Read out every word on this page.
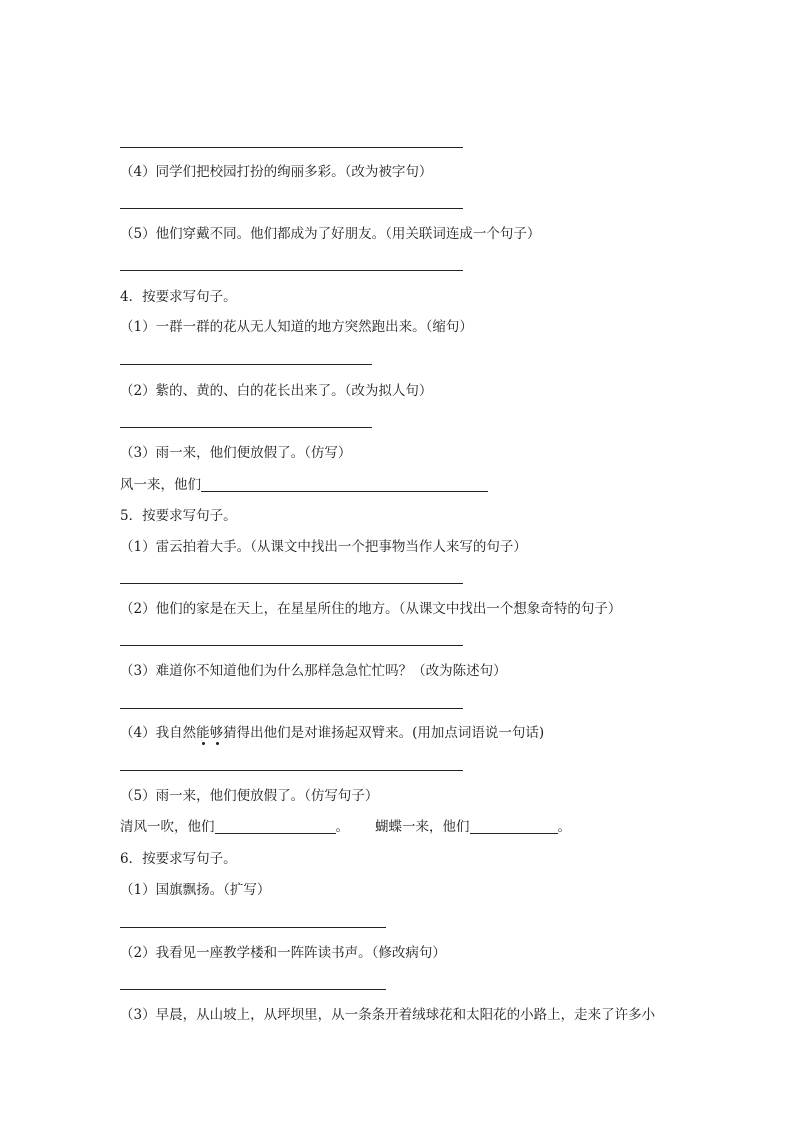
（4）同学们把校园打扮的绚丽多彩。（改为被字句）
（5）他们穿戴不同。他们都成为了好朋友。（用关联词连成一个句子）
4．按要求写句子。
（1）一群一群的花从无人知道的地方突然跑出来。（缩句）
（2）紫的、黄的、白的花长出来了。（改为拟人句）
（3）雨一来，他们便放假了。（仿写）
风一来，他们
5．按要求写句子。
（1）雷云拍着大手。（从课文中找出一个把事物当作人来写的句子）
（2）他们的家是在天上，在星星所住的地方。（从课文中找出一个想象奇特的句子）
（3）难道你不知道他们为什么那样急急忙忙吗？（改为陈述句）
（4）我自然能够猜得出他们是对谁扬起双臂来。(用加点词语说一句话)
（5）雨一来，他们便放假了。（仿写句子）
清风一吹，他们	。 蝴蝶一来，他们	。
6．按要求写句子。
（1）国旗飘扬。（扩写）
（2）我看见一座教学楼和一阵阵读书声。（修改病句）
（3）早晨，从山坡上，从坪坝里，从一条条开着绒球花和太阳花的小路上，走来了许多小
